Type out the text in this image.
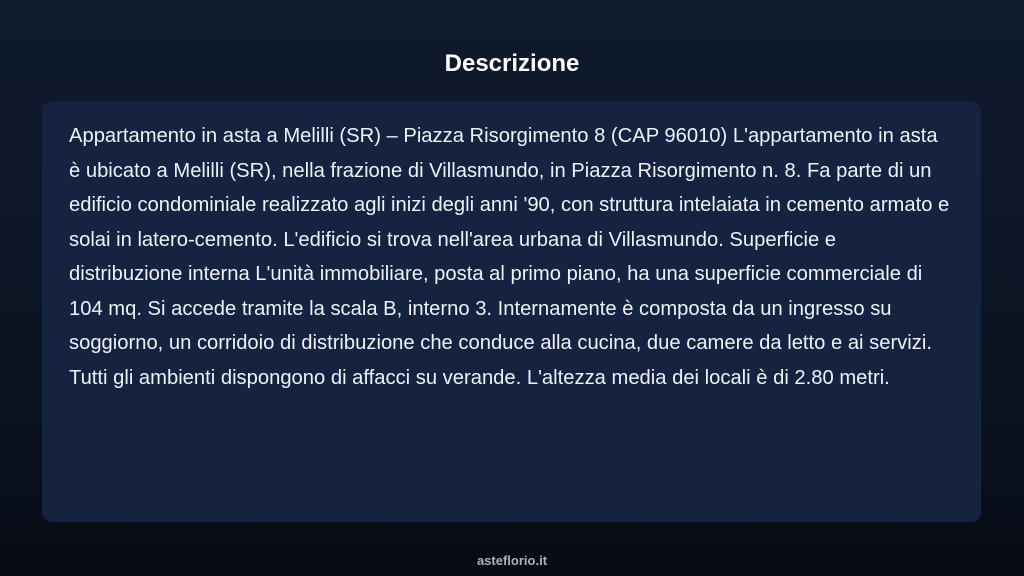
Descrizione

Appartamento in asta a Melilli (SR) – Piazza Risorgimento 8 (CAP 96010) L'appartamento in asta è ubicato a Melilli (SR), nella frazione di Villasmundo, in Piazza Risorgimento n. 8. Fa parte di un edificio condominiale realizzato agli inizi degli anni '90, con struttura intelaiata in cemento armato e solai in latero-cemento. L'edificio si trova nell'area urbana di Villasmundo. Superficie e distribuzione interna L'unità immobiliare, posta al primo piano, ha una superficie commerciale di 104 mq. Si accede tramite la scala B, interno 3. Internamente è composta da un ingresso su soggiorno, un corridoio di distribuzione che conduce alla cucina, due camere da letto e ai servizi. Tutti gli ambienti dispongono di affacci su verande. L'altezza media dei locali è di 2.80 metri.

asteflorio.it
